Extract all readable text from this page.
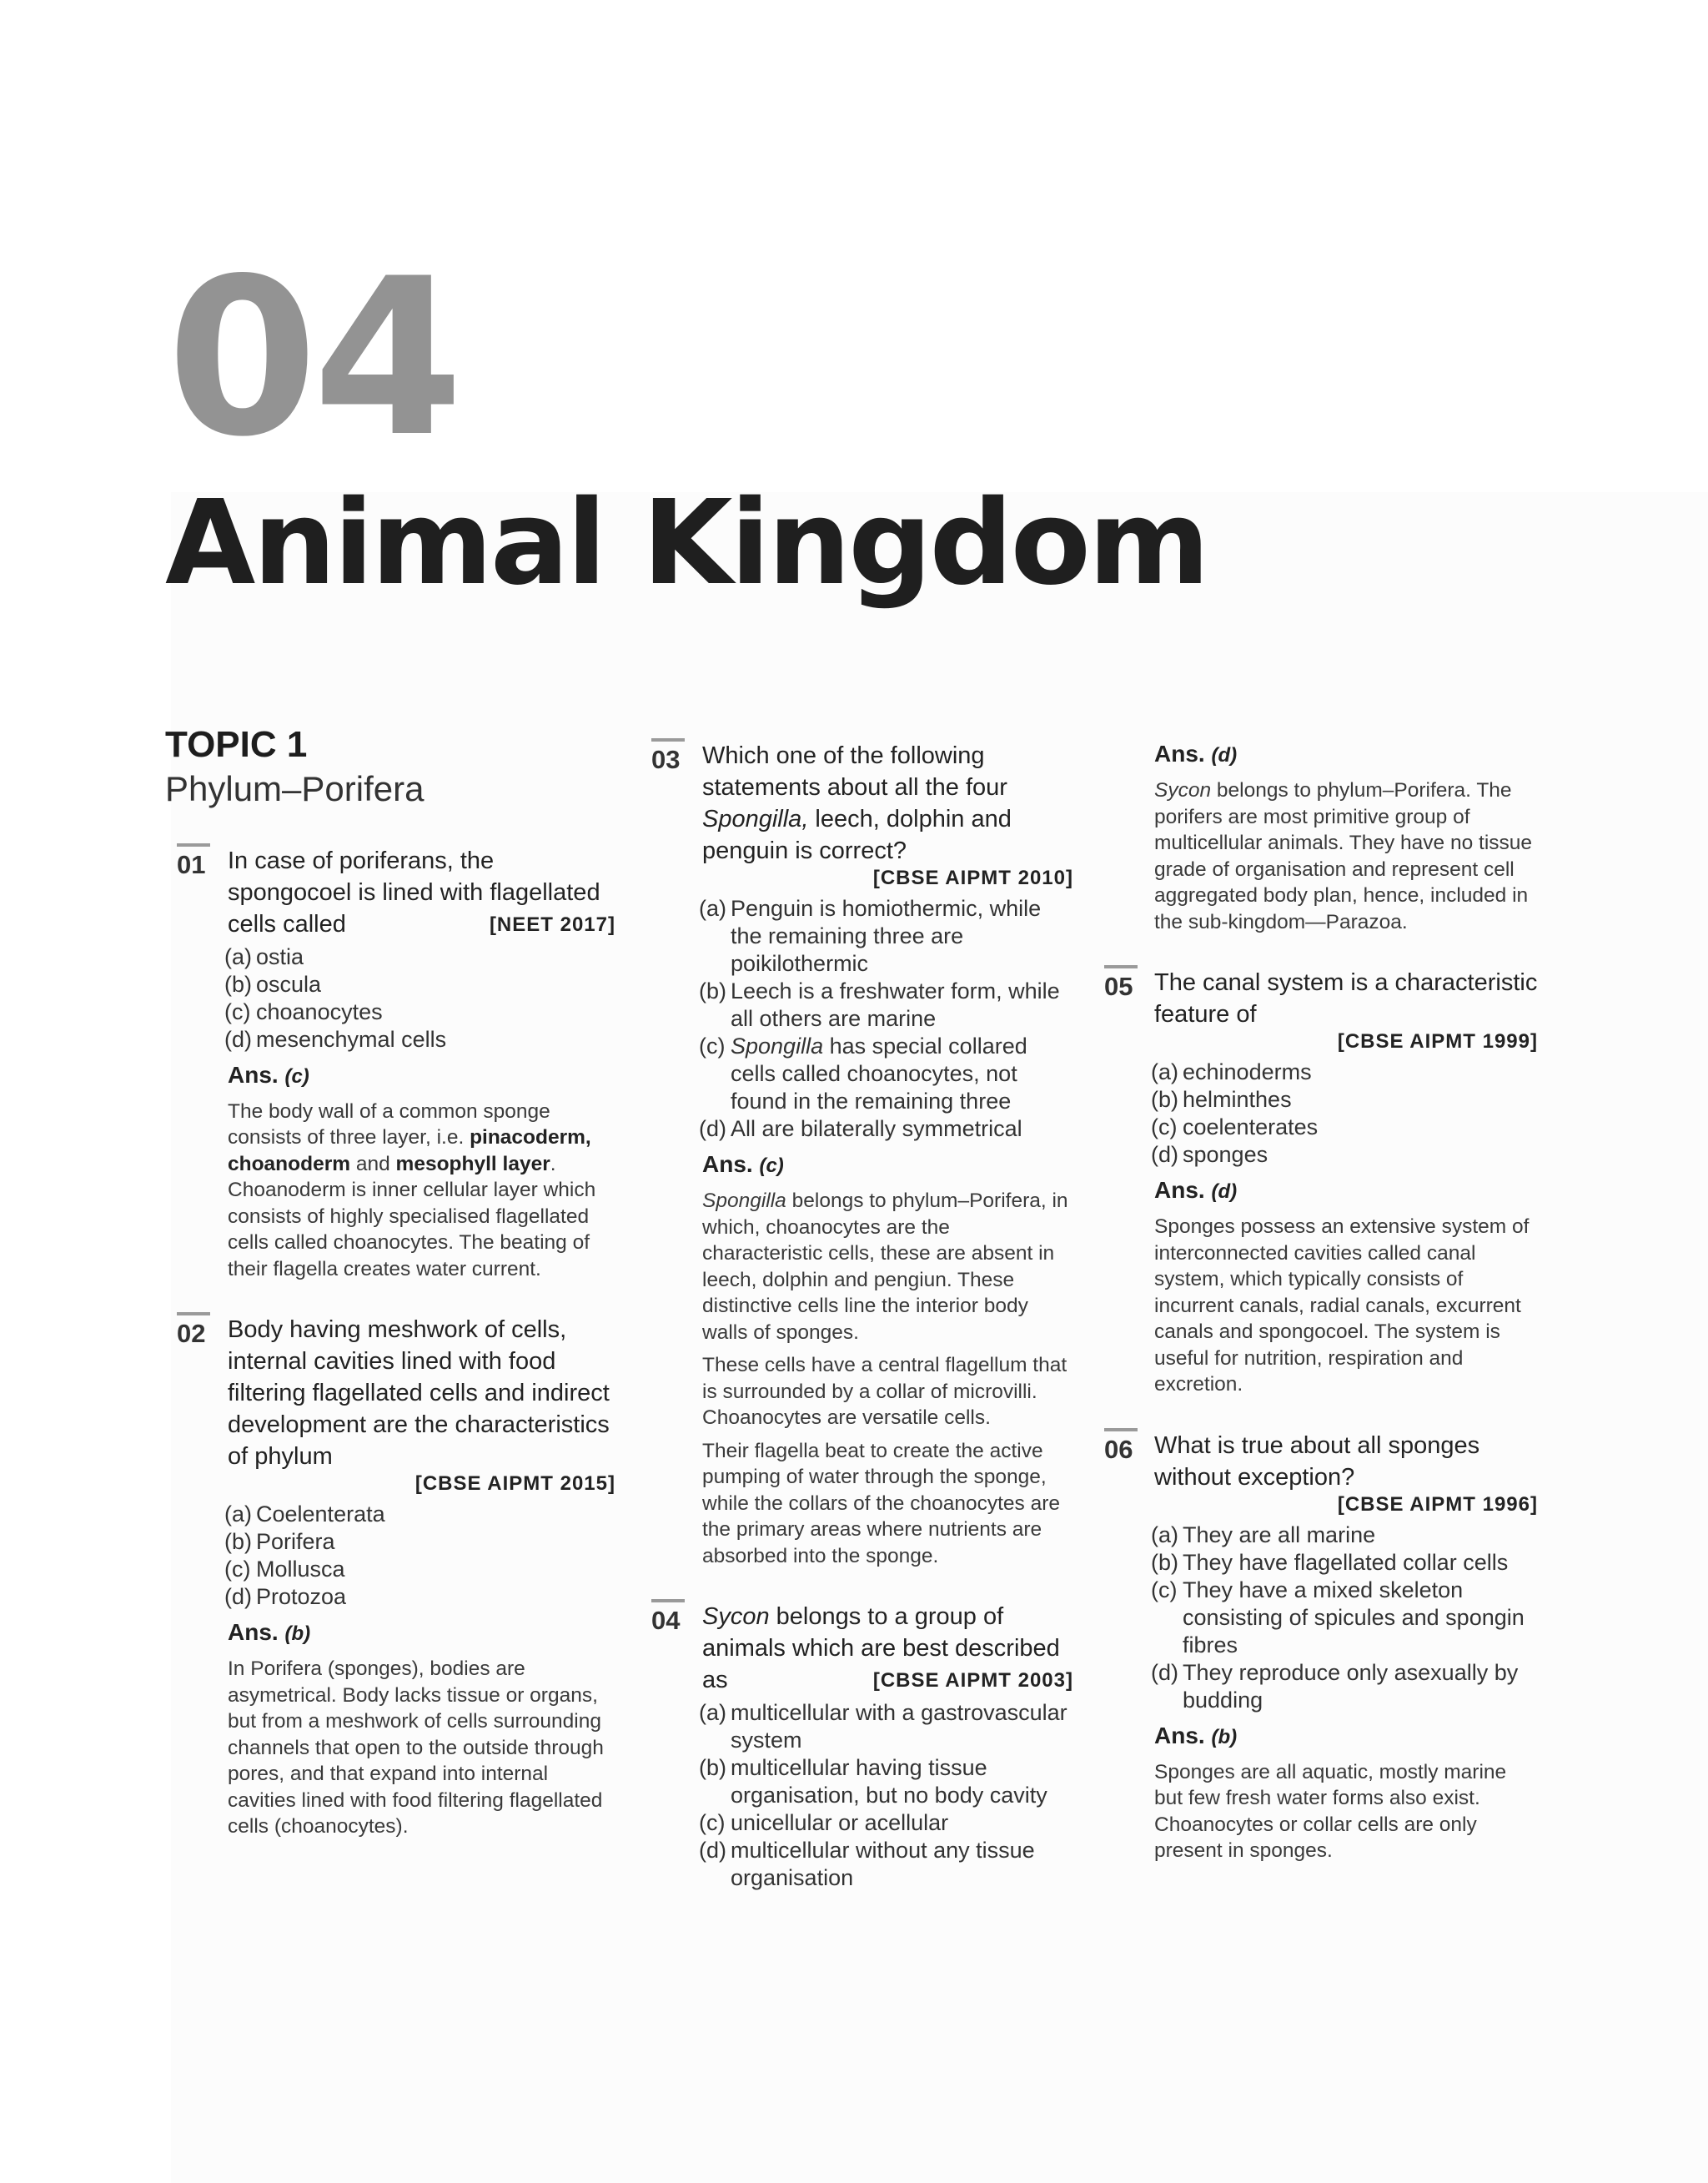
04
Animal Kingdom

TOPIC 1

Phylum–Porifera

01 In case of poriferans, the spongocoel is lined with flagellated cells called	[NEET 2017]

(a) ostia
(b) oscula
(c) choanocytes
(d) mesenchymal cells

Ans. (c)

The body wall of a common sponge consists of three layer, i.e. pinacoderm, choanoderm and mesophyll layer. Choanoderm is inner cellular layer which consists of highly specialised flagellated cells called choanocytes. The beating of their flagella creates water current.

02 Body having meshwork of cells, internal cavities lined with food filtering flagellated cells and indirect development are the characteristics of phylum

[CBSE AIPMT 2015]
(a) Coelenterata
(b) Porifera
(c) Mollusca
(d) Protozoa

Ans. (b)

In Porifera (sponges), bodies are asymetrical. Body lacks tissue or organs, but from a meshwork of cells surrounding channels that open to the outside through pores, and that expand into internal cavities lined with food filtering flagellated cells (choanocytes).

03 Which one of the following statements about all the four Spongilla, leech, dolphin and penguin is correct?

[CBSE AIPMT 2010]
(a) Penguin is homiothermic, while the remaining three are poikilothermic
(b) Leech is a freshwater form, while all others are marine
(c) Spongilla has special collared cells called choanocytes, not found in the remaining three
(d) All are bilaterally symmetrical

Ans. (c)

Spongilla belongs to phylum–Porifera, in which, choanocytes are the characteristic cells, these are absent in leech, dolphin and pengiun. These distinctive cells line the interior body walls of sponges.

These cells have a central flagellum that is surrounded by a collar of microvilli. Choanocytes are versatile cells.

Their flagella beat to create the active pumping of water through the sponge, while the collars of the choanocytes are the primary areas where nutrients are absorbed into the sponge.

04 Sycon belongs to a group of animals which are best described as	[CBSE AIPMT 2003]

(a) multicellular with a gastrovascular system
(b) multicellular having tissue organisation, but no body cavity
(c) unicellular or acellular
(d) multicellular without any tissue organisation

Ans. (d)

Sycon belongs to phylum–Porifera. The porifers are most primitive group of multicellular animals. They have no tissue grade of organisation and represent cell aggregated body plan, hence, included in the sub-kingdom—Parazoa.

05 The canal system is a characteristic feature of

[CBSE AIPMT 1999]
(a) echinoderms
(b) helminthes
(c) coelenterates
(d) sponges

Ans. (d)

Sponges possess an extensive system of interconnected cavities called canal system, which typically consists of incurrent canals, radial canals, excurrent canals and spongocoel. The system is useful for nutrition, respiration and excretion.

06 What is true about all sponges without exception?

[CBSE AIPMT 1996]
(a) They are all marine
(b) They have flagellated collar cells
(c) They have a mixed skeleton consisting of spicules and spongin fibres
(d) They reproduce only asexually by budding

Ans. (b)

Sponges are all aquatic, mostly marine but few fresh water forms also exist. Choanocytes or collar cells are only present in sponges.
